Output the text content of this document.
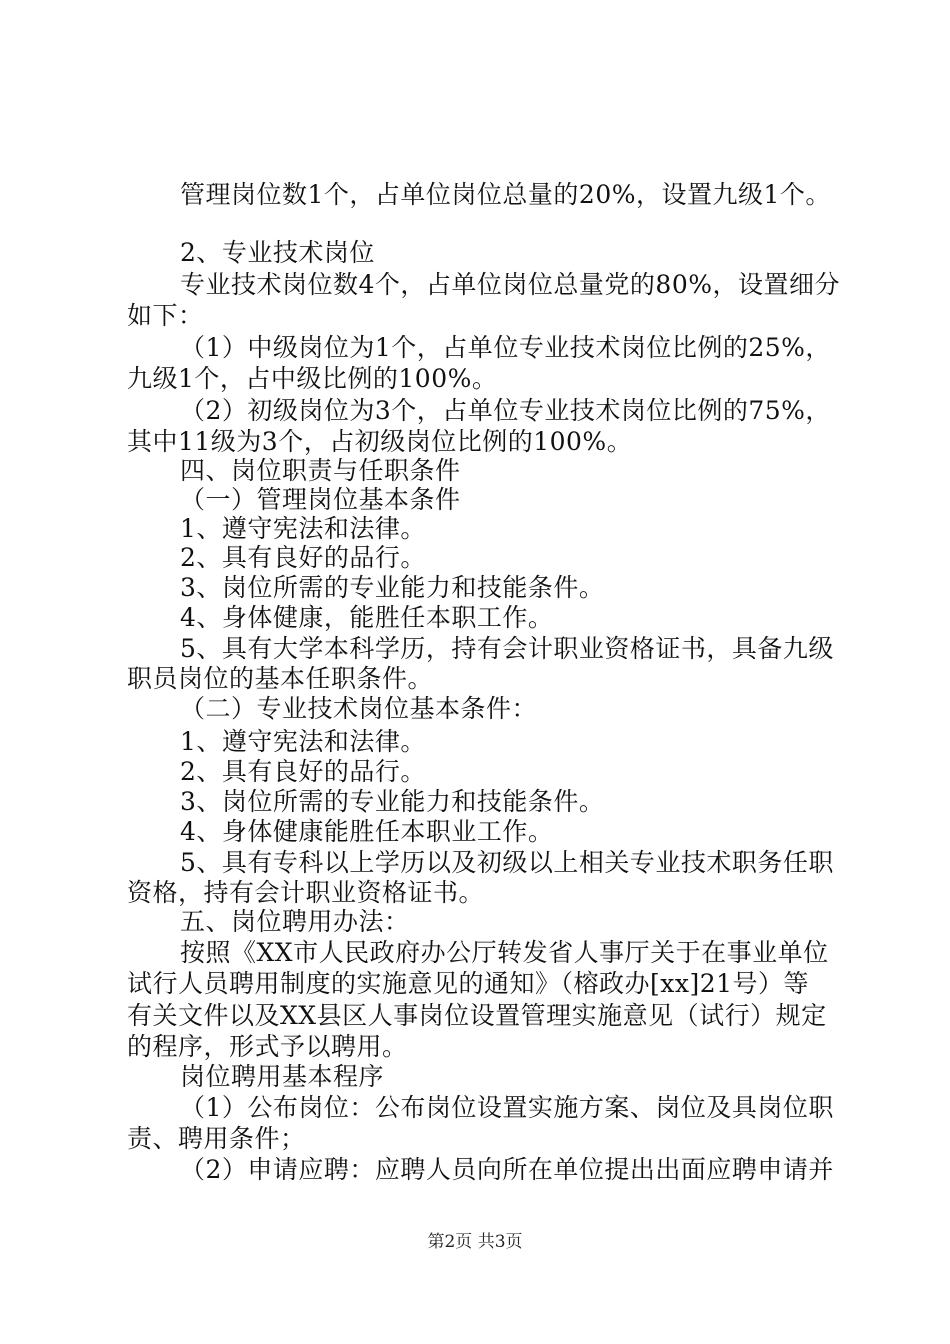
管理岗位数1个，占单位岗位总量的20%，设置九级1个。
2、专业技术岗位
专业技术岗位数4个，占单位岗位总量党的80%，设置细分
如下：
（1）中级岗位为1个，占单位专业技术岗位比例的25%，
九级1个，占中级比例的100%。
（2）初级岗位为3个，占单位专业技术岗位比例的75%，
其中11级为3个，占初级岗位比例的100%。
四、岗位职责与任职条件
（一）管理岗位基本条件
1、遵守宪法和法律。
2、具有良好的品行。
3、岗位所需的专业能力和技能条件。
4、身体健康，能胜任本职工作。
5、具有大学本科学历，持有会计职业资格证书，具备九级
职员岗位的基本任职条件。
（二）专业技术岗位基本条件：
1、遵守宪法和法律。
2、具有良好的品行。
3、岗位所需的专业能力和技能条件。
4、身体健康能胜任本职业工作。
5、具有专科以上学历以及初级以上相关专业技术职务任职
资格，持有会计职业资格证书。
五、岗位聘用办法：
按照《XX市人民政府办公厅转发省人事厅关于在事业单位
试行人员聘用制度的实施意见的通知》（榕政办[xx]21号）等
有关文件以及XX县区人事岗位设置管理实施意见（试行）规定
的程序，形式予以聘用。
岗位聘用基本程序
（1）公布岗位：公布岗位设置实施方案、岗位及具岗位职
责、聘用条件；
（2）申请应聘：应聘人员向所在单位提出出面应聘申请并
第2页 共3页
